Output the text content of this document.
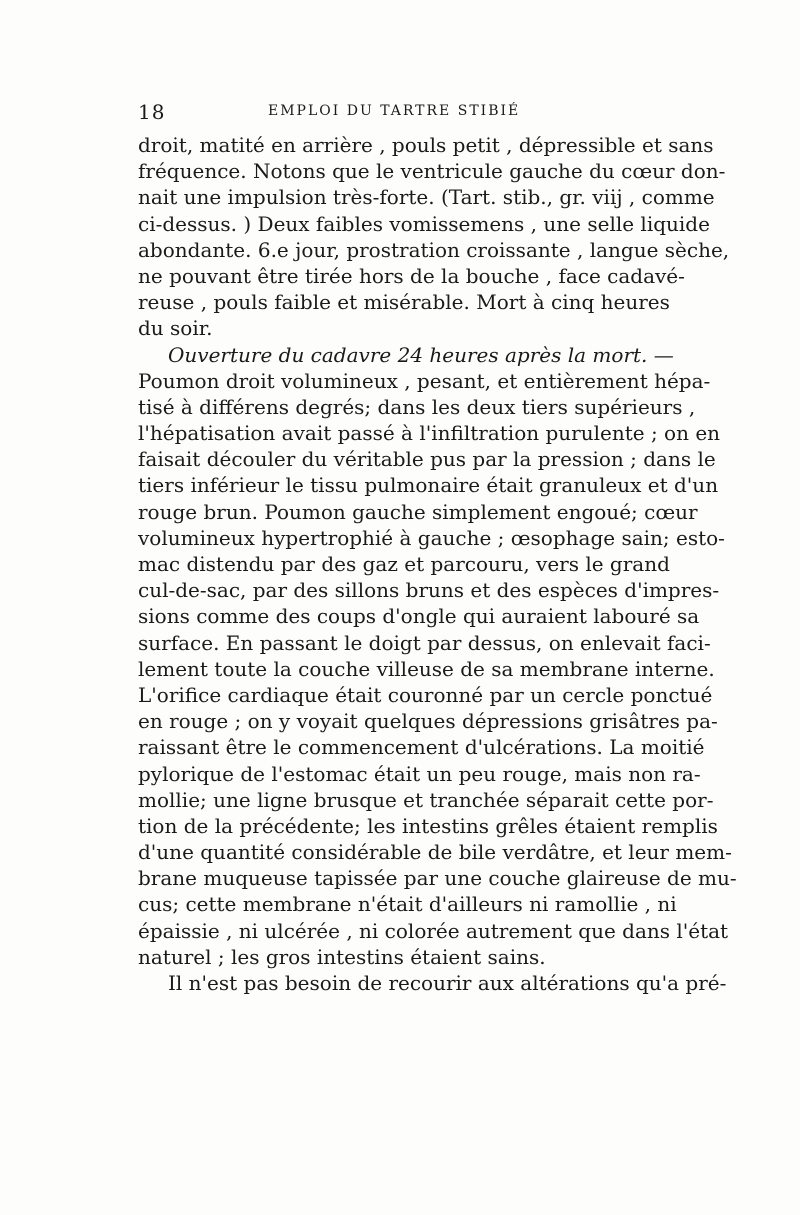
18	EMPLOI DU TARTRE STIBIÉ
droit, matité en arrière , pouls petit , dépressible et sans
fréquence. Notons que le ventricule gauche du cœur don-
nait une impulsion très-forte. (Tart. stib., gr. viij , comme
ci-dessus. ) Deux faibles vomissemens , une selle liquide
abondante. 6.e jour, prostration croissante , langue sèche,
ne pouvant être tirée hors de la bouche , face cadavé-
reuse , pouls faible et misérable. Mort à cinq heures
du soir.
Ouverture du cadavre 24 heures après la mort. —
Poumon droit volumineux , pesant, et entièrement hépa-
tisé à différens degrés; dans les deux tiers supérieurs ,
l'hépatisation avait passé à l'infiltration purulente ; on en
faisait découler du véritable pus par la pression ; dans le
tiers inférieur le tissu pulmonaire était granuleux et d'un
rouge brun. Poumon gauche simplement engoué; cœur
volumineux hypertrophié à gauche ; œsophage sain; esto-
mac distendu par des gaz et parcouru, vers le grand
cul-de-sac, par des sillons bruns et des espèces d'impres-
sions comme des coups d'ongle qui auraient labouré sa
surface. En passant le doigt par dessus, on enlevait faci-
lement toute la couche villeuse de sa membrane interne.
L'orifice cardiaque était couronné par un cercle ponctué
en rouge ; on y voyait quelques dépressions grisâtres pa-
raissant être le commencement d'ulcérations. La moitié
pylorique de l'estomac était un peu rouge, mais non ra-
mollie; une ligne brusque et tranchée séparait cette por-
tion de la précédente; les intestins grêles étaient remplis
d'une quantité considérable de bile verdâtre, et leur mem-
brane muqueuse tapissée par une couche glaireuse de mu-
cus; cette membrane n'était d'ailleurs ni ramollie , ni
épaissie , ni ulcérée , ni colorée autrement que dans l'état
naturel ; les gros intestins étaient sains.
Il n'est pas besoin de recourir aux altérations qu'a pré-
